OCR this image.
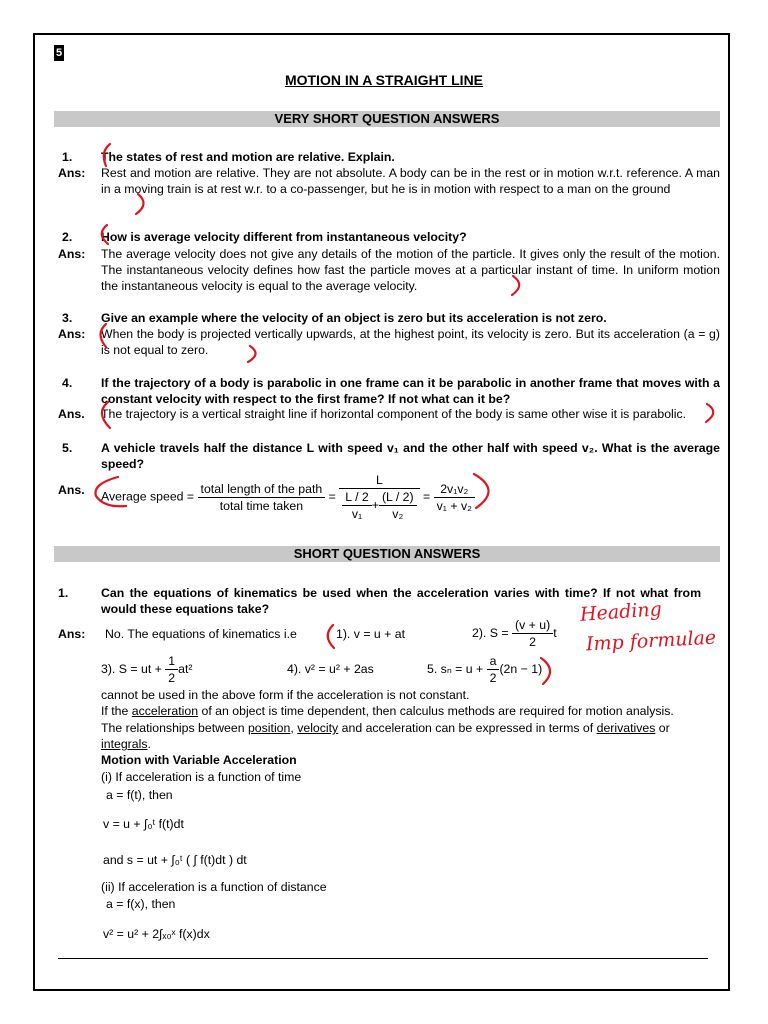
5
MOTION IN A STRAIGHT LINE
VERY SHORT QUESTION ANSWERS
1. The states of rest and motion are relative. Explain.
Ans: Rest and motion are relative. They are not absolute. A body can be in the rest or in motion w.r.t. reference. A man in a moving train is at rest w.r. to a co-passenger, but he is in motion with respect to a man on the ground
2. How is average velocity different from instantaneous velocity?
Ans: The average velocity does not give any details of the motion of the particle. It gives only the result of the motion. The instantaneous velocity defines how fast the particle moves at a particular instant of time. In uniform motion the instantaneous velocity is equal to the average velocity.
3. Give an example where the velocity of an object is zero but its acceleration is not zero.
Ans: When the body is projected vertically upwards, at the highest point, its velocity is zero. But its acceleration (a = g) is not equal to zero.
4. If the trajectory of a body is parabolic in one frame can it be parabolic in another frame that moves with a constant velocity with respect to the first frame? If not what can it be?
Ans. The trajectory is a vertical straight line if horizontal component of the body is same other wise it is parabolic.
5. A vehicle travels half the distance L with speed v₁ and the other half with speed v₂. What is the average speed?
Ans. Average speed = $\frac{\text{total length of the path}}{\text{total time taken}} = \frac{L}{\frac{L / 2}{\text{v₁}} + \frac{(L / 2)}{\text{v₂}}} = \frac{\text{2v₁v₂}}{\text{v₁ + v₂}}$
SHORT QUESTION ANSWERS
1.	Can the equations of kinematics be used when the acceleration varies with time? If not what from would these equations take?
Ans: No. The equations of kinematics i.e	1). v = u + at	2). $S = \frac{(v + u)}{2}$ t
3). S = ut + $\frac{1}{2} at^2$	4). v² = u² + 2as	5. $s_n = u + \frac{a}{2} (2n - 1)$
cannot be used in the above form if the acceleration is not constant.
If the acceleration of an object is time dependent, then calculus methods are required for motion analysis.
The relationships between position, velocity and acceleration can be expressed in terms of derivatives or
integrals.
Motion with Variable Acceleration
(i) If acceleration is a function of time
a = f(t), then
v = u + ∫₀ᵗ f(t)dt
and s = ut + ∫₀ᵗ ( ∫ f(t)dt ) dt
(ii) If acceleration is a function of distance
a = f(x), then
v² = u² + 2∫ₓ₀ˣ f(x)dx
Heading
Imp formulae
